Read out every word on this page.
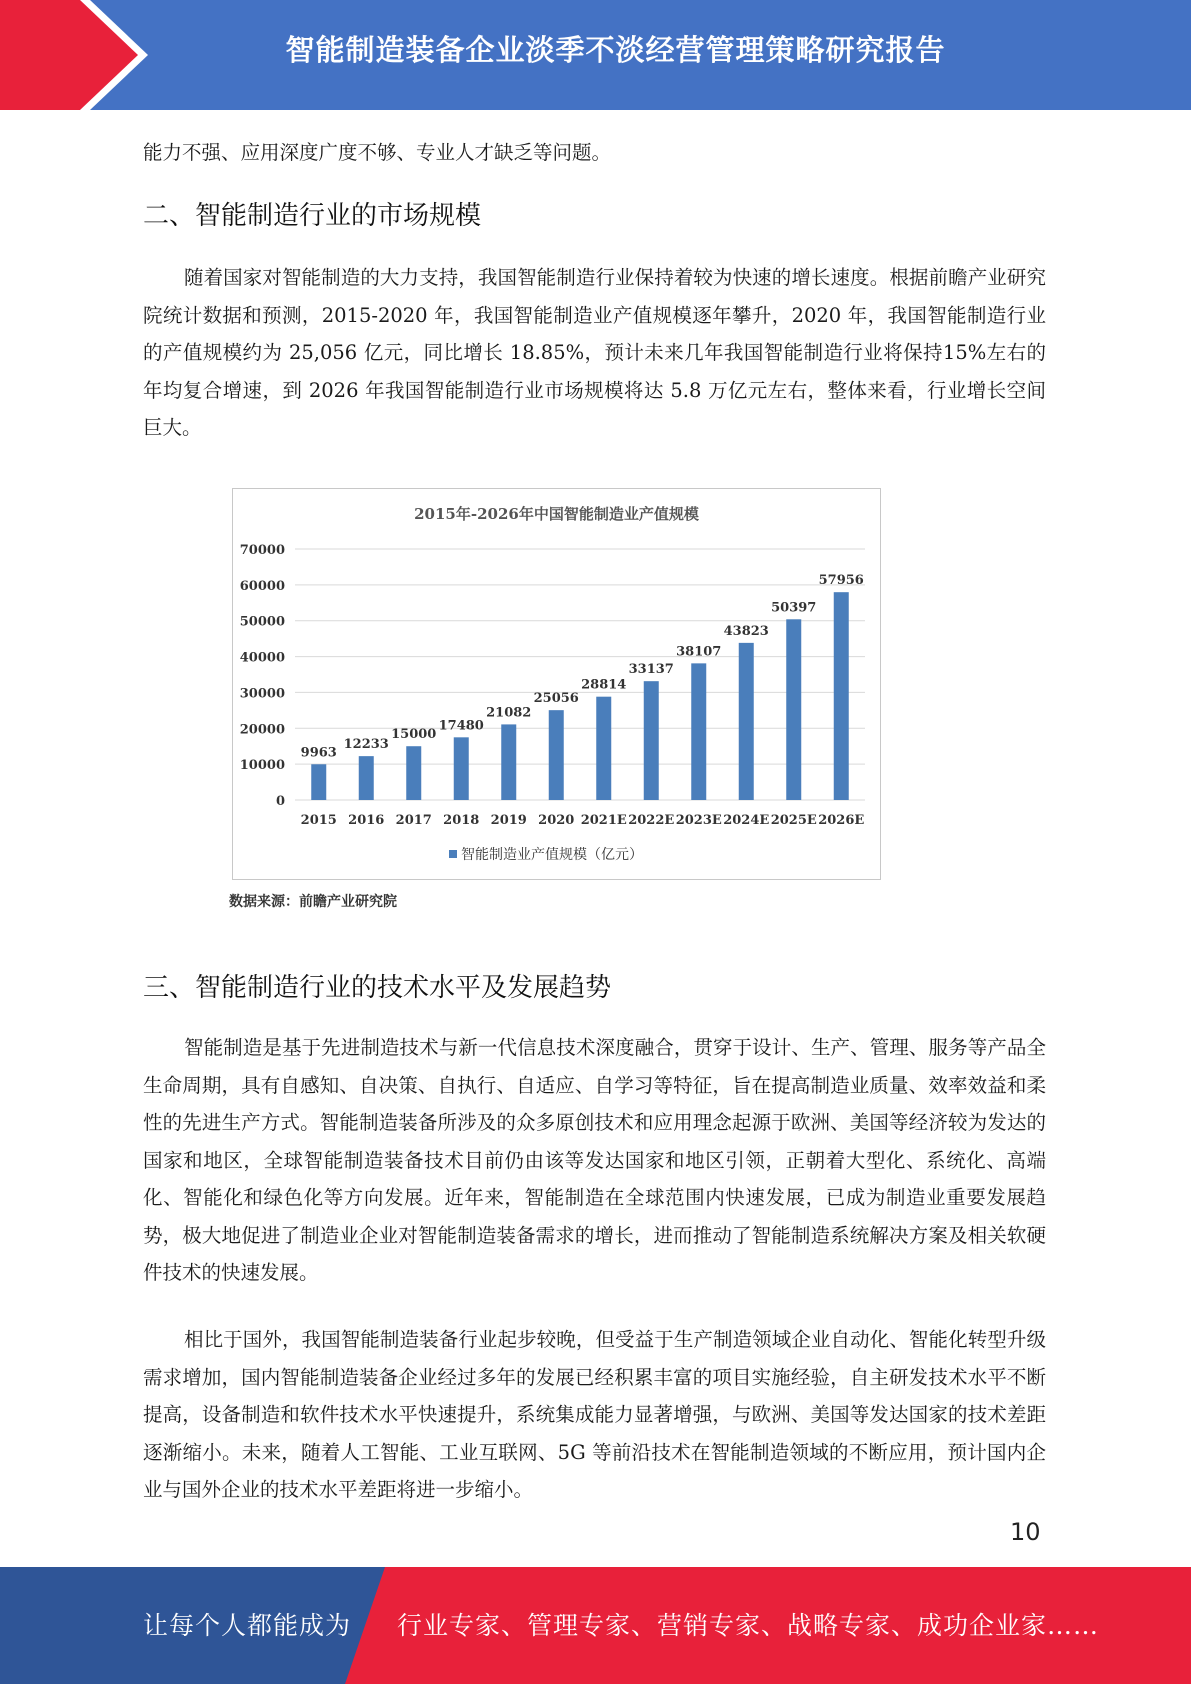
智能制造装备企业淡季不淡经营管理策略研究报告

能力不强、应用深度广度不够、专业人才缺乏等问题。

二、智能制造行业的市场规模

随着国家对智能制造的大力支持，我国智能制造行业保持着较为快速的增长速度。根据前瞻产业研究院统计数据和预测，2015-2020 年，我国智能制造业产值规模逐年攀升，2020 年，我国智能制造行业的产值规模约为 25,056 亿元，同比增长 18.85%，预计未来几年我国智能制造行业将保持15%左右的年均复合增速，到 2026 年我国智能制造行业市场规模将达 5.8 万亿元左右，整体来看，行业增长空间巨大。

2015年-2026年中国智能制造业产值规模
0
10000
20000
30000
40000
50000
60000
70000
9963
2015
12233
2016
15000
2017
17480
2018
21082
2019
25056
2020
28814
2021E
33137
2022E
38107
2023E
43823
2024E
50397
2025E
57956
2026E
智能制造业产值规模（亿元）
数据来源：前瞻产业研究院
三、智能制造行业的技术水平及发展趋势

智能制造是基于先进制造技术与新一代信息技术深度融合，贯穿于设计、生产、管理、服务等产品全生命周期，具有自感知、自决策、自执行、自适应、自学习等特征，旨在提高制造业质量、效率效益和柔性的先进生产方式。智能制造装备所涉及的众多原创技术和应用理念起源于欧洲、美国等经济较为发达的国家和地区，全球智能制造装备技术目前仍由该等发达国家和地区引领，正朝着大型化、系统化、高端化、智能化和绿色化等方向发展。近年来，智能制造在全球范围内快速发展，已成为制造业重要发展趋势，极大地促进了制造业企业对智能制造装备需求的增长，进而推动了智能制造系统解决方案及相关软硬件技术的快速发展。

相比于国外，我国智能制造装备行业起步较晚，但受益于生产制造领域企业自动化、智能化转型升级需求增加，国内智能制造装备企业经过多年的发展已经积累丰富的项目实施经验，自主研发技术水平不断提高，设备制造和软件技术水平快速提升，系统集成能力显著增强，与欧洲、美国等发达国家的技术差距逐渐缩小。未来，随着人工智能、工业互联网、5G 等前沿技术在智能制造领域的不断应用，预计国内企业与国外企业的技术水平差距将进一步缩小。

10
让每个人都能成为 行业专家、管理专家、营销专家、战略专家、成功企业家……
